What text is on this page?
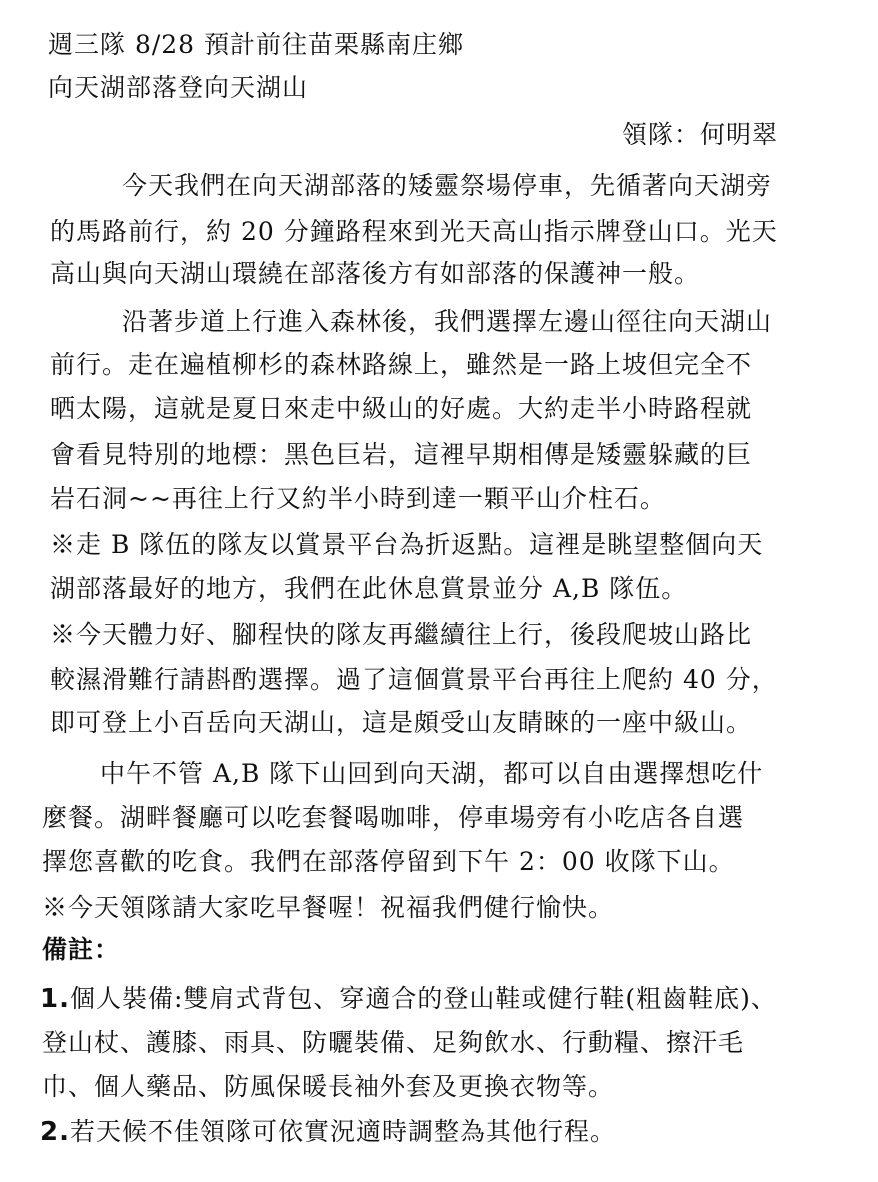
週三隊 8/28 預計前往苗栗縣南庄鄉
向天湖部落登向天湖山
領隊：何明翠
今天我們在向天湖部落的矮靈祭場停車，先循著向天湖旁
的馬路前行，約 20 分鐘路程來到光天高山指示牌登山口。光天
高山與向天湖山環繞在部落後方有如部落的保護神一般。
沿著步道上行進入森林後，我們選擇左邊山徑往向天湖山
前行。走在遍植柳杉的森林路線上，雖然是一路上坡但完全不
晒太陽，這就是夏日來走中級山的好處。大約走半小時路程就
會看見特別的地標：黑色巨岩，這裡早期相傳是矮靈躲藏的巨
岩石洞~~再往上行又約半小時到達一顆平山介柱石。
※走 B 隊伍的隊友以賞景平台為折返點。這裡是眺望整個向天
湖部落最好的地方，我們在此休息賞景並分 A,B 隊伍。
※今天體力好、腳程快的隊友再繼續往上行，後段爬坡山路比
較濕滑難行請斟酌選擇。過了這個賞景平台再往上爬約 40 分，
即可登上小百岳向天湖山，這是頗受山友睛睞的一座中級山。
中午不管 A,B 隊下山回到向天湖，都可以自由選擇想吃什
麼餐。湖畔餐廳可以吃套餐喝咖啡，停車場旁有小吃店各自選
擇您喜歡的吃食。我們在部落停留到下午 2：00 收隊下山。
※今天領隊請大家吃早餐喔！祝福我們健行愉快。
備註：
1.個人裝備:雙肩式背包、穿適合的登山鞋或健行鞋(粗齒鞋底)、
登山杖、護膝、雨具、防曬裝備、足夠飲水、行動糧、擦汗毛
巾、個人藥品、防風保暖長袖外套及更換衣物等。
2.若天候不佳領隊可依實況適時調整為其他行程。
